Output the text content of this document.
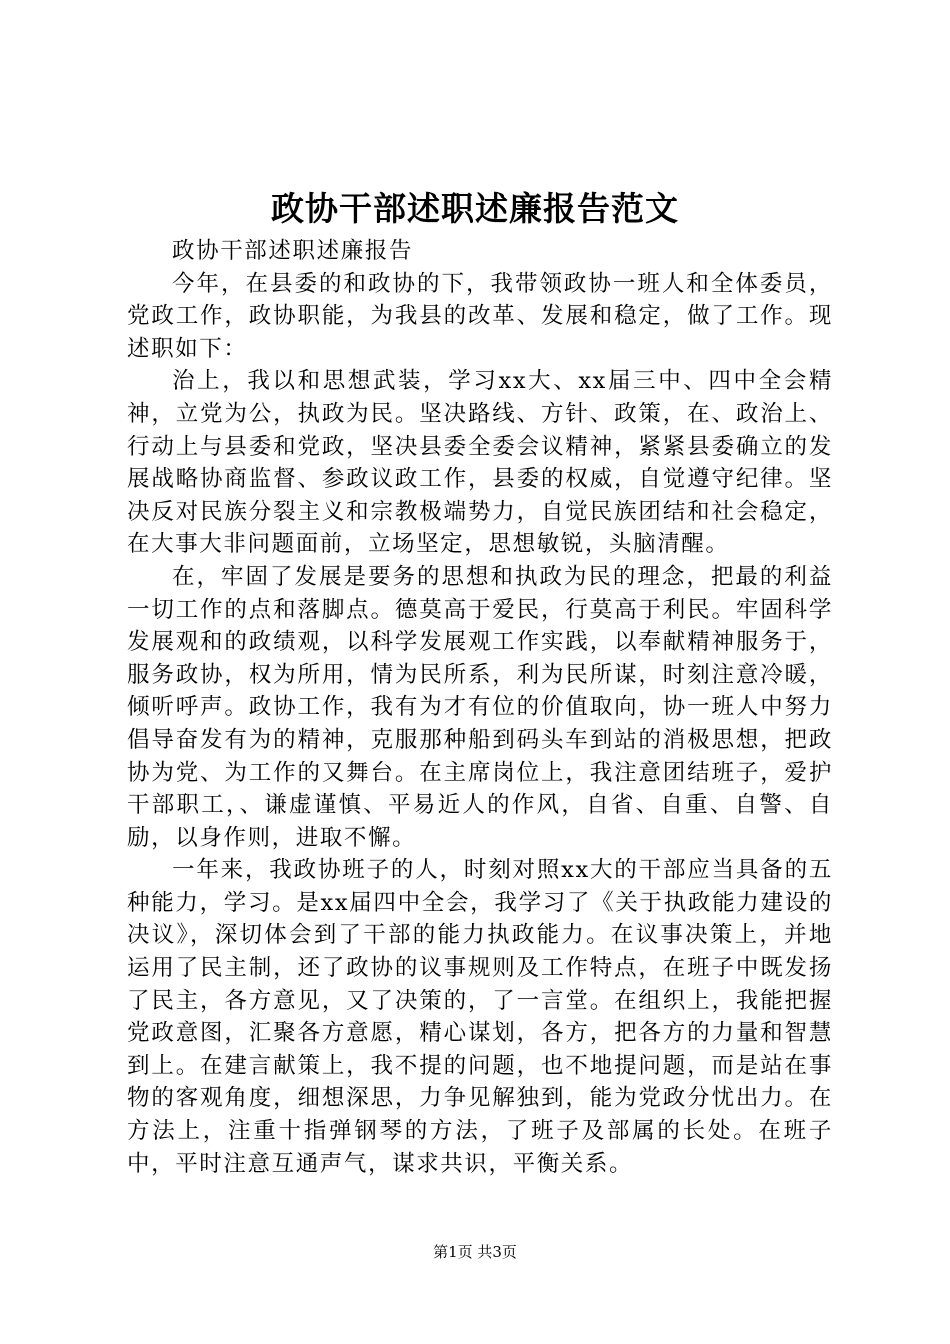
政协干部述职述廉报告范文

政协干部述职述廉报告

今年，在县委的和政协的下，我带领政协一班人和全体委员，党政工作，政协职能，为我县的改革、发展和稳定，做了工作。现述职如下：

治上，我以和思想武装，学习xx大、xx届三中、四中全会精神，立党为公，执政为民。坚决路线、方针、政策，在、政治上、行动上与县委和党政，坚决县委全委会议精神，紧紧县委确立的发展战略协商监督、参政议政工作，县委的权威，自觉遵守纪律。坚决反对民族分裂主义和宗教极端势力，自觉民族团结和社会稳定，在大事大非问题面前，立场坚定，思想敏锐，头脑清醒。

在，牢固了发展是要务的思想和执政为民的理念，把最的利益一切工作的点和落脚点。德莫高于爱民，行莫高于利民。牢固科学发展观和的政绩观，以科学发展观工作实践，以奉献精神服务于，服务政协，权为所用，情为民所系，利为民所谋，时刻注意冷暖，倾听呼声。政协工作，我有为才有位的价值取向，协一班人中努力倡导奋发有为的精神，克服那种船到码头车到站的消极思想，把政协为党、为工作的又舞台。在主席岗位上，我注意团结班子，爱护干部职工，、谦虚谨慎、平易近人的作风，自省、自重、自警、自励，以身作则，进取不懈。

一年来，我政协班子的人，时刻对照xx大的干部应当具备的五种能力，学习。是xx届四中全会，我学习了《关于执政能力建设的决议》，深切体会到了干部的能力执政能力。在议事决策上，并地运用了民主制，还了政协的议事规则及工作特点，在班子中既发扬了民主，各方意见，又了决策的，了一言堂。在组织上，我能把握党政意图，汇聚各方意愿，精心谋划，各方，把各方的力量和智慧到上。在建言献策上，我不提的问题，也不地提问题，而是站在事物的客观角度，细想深思，力争见解独到，能为党政分忧出力。在方法上，注重十指弹钢琴的方法，了班子及部属的长处。在班子中，平时注意互通声气，谋求共识，平衡关系。

第1页 共3页
